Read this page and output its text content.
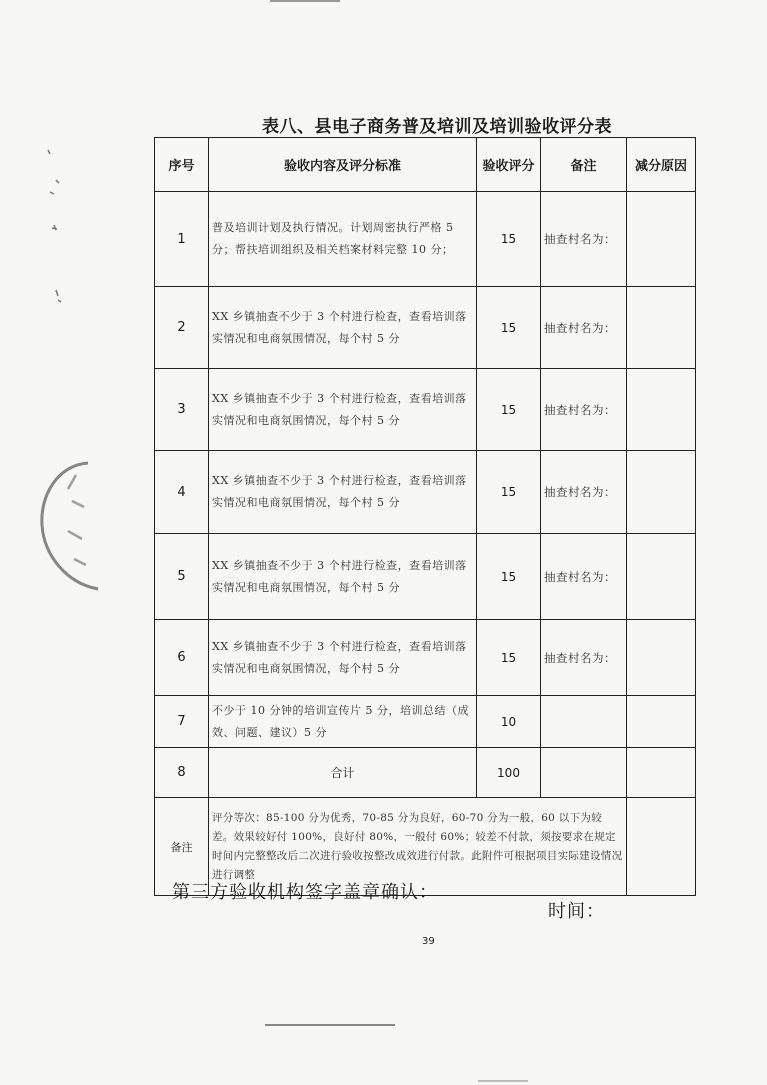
表八、县电子商务普及培训及培训验收评分表
序号	验收内容及评分标准	验收评分	备注	减分原因
1	普及培训计划及执行情况。计划周密执行严格 5 分；帮扶培训组织及相关档案材料完整 10 分；	15	抽查村名为：	
2	XX 乡镇抽查不少于 3 个村进行检查，查看培训落实情况和电商氛围情况，每个村 5 分	15	抽查村名为：	
3	XX 乡镇抽查不少于 3 个村进行检查，查看培训落实情况和电商氛围情况，每个村 5 分	15	抽查村名为：	
4	XX 乡镇抽查不少于 3 个村进行检查，查看培训落实情况和电商氛围情况，每个村 5 分	15	抽查村名为：	
5	XX 乡镇抽查不少于 3 个村进行检查，查看培训落实情况和电商氛围情况，每个村 5 分	15	抽查村名为：	
6	XX 乡镇抽查不少于 3 个村进行检查，查看培训落实情况和电商氛围情况，每个村 5 分	15	抽查村名为：	
7	不少于 10 分钟的培训宣传片 5 分，培训总结（成效、问题、建议）5 分	10		
8	合计	100		
备注	评分等次：85-100 分为优秀，70-85 分为良好，60-70 分为一般，60 以下为较差。效果较好付 100%，良好付 80%，一般付 60%；较差不付款，须按要求在规定时间内完整整改后二次进行验收按整改成效进行付款。此附件可根据项目实际建设情况进行调整			
第三方验收机构签字盖章确认：
时间：
39
